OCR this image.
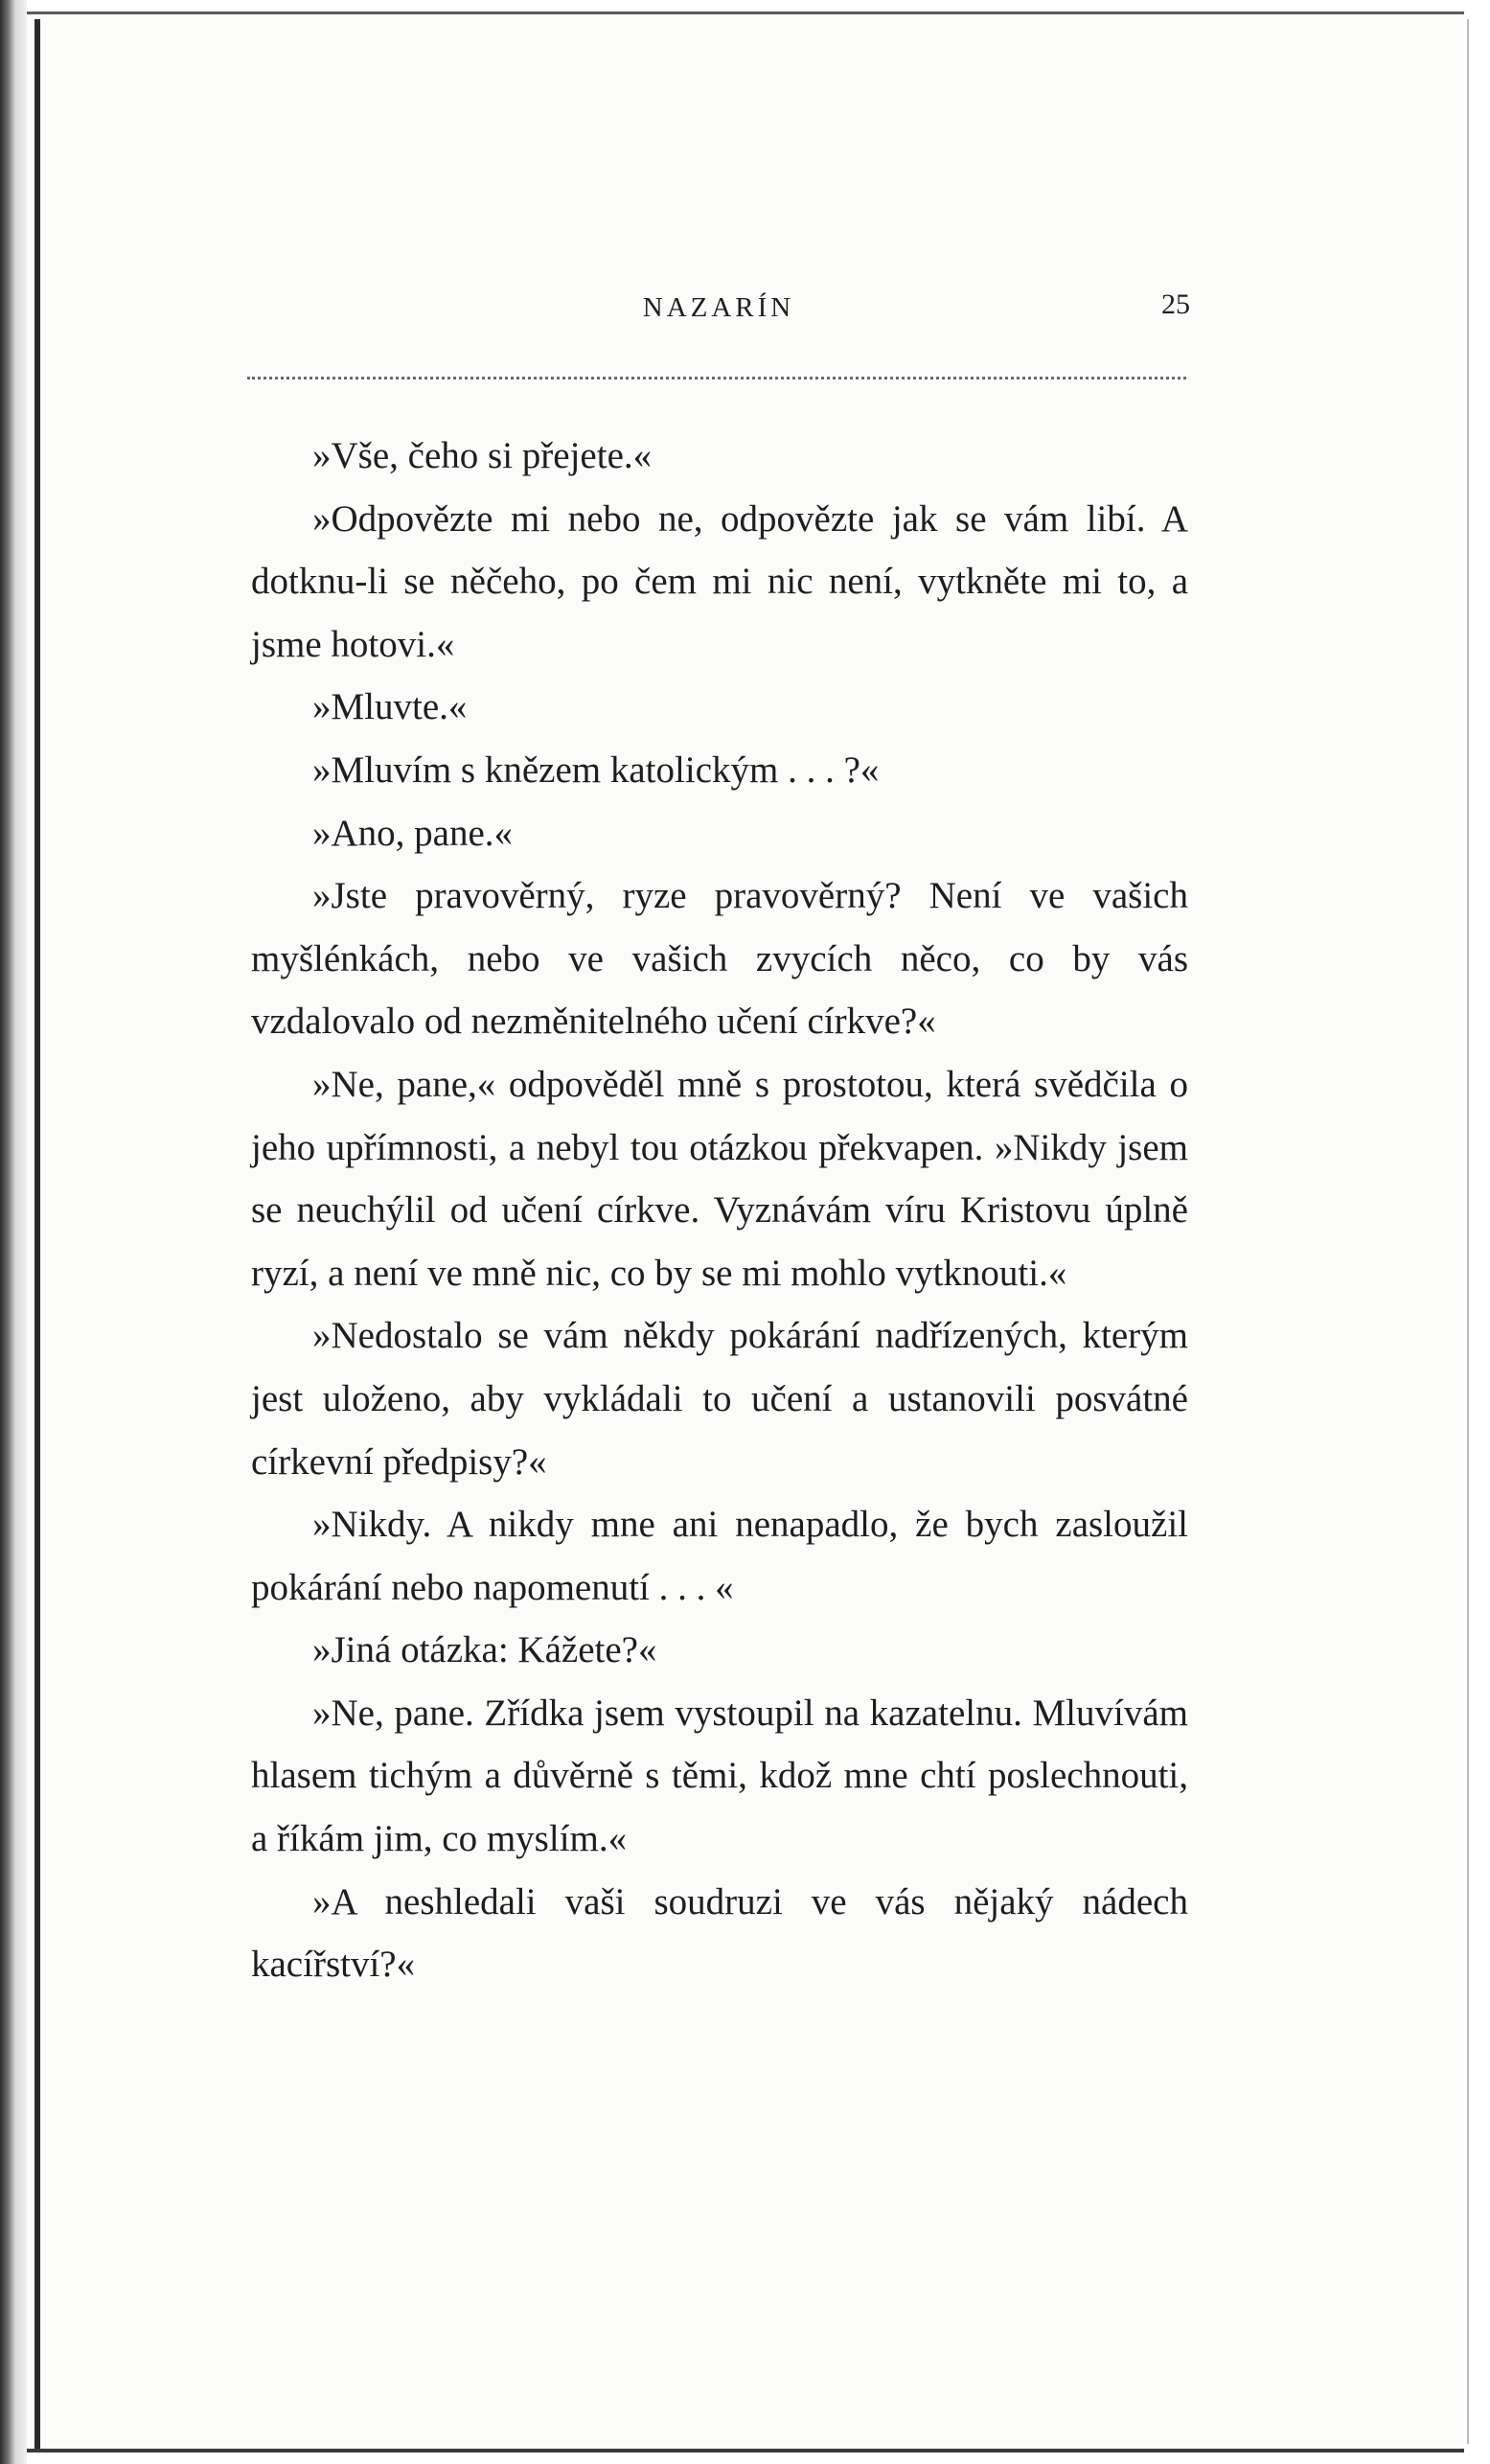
NAZARÍN	25

»Vše, čeho si přejete.«

»Odpovězte mi nebo ne, odpovězte jak se vám libí. A dotknu-li se něčeho, po čem mi nic není, vytkněte mi to, a jsme hotovi.«

»Mluvte.«

»Mluvím s knězem katolickým . . . ?«

»Ano, pane.«

»Jste pravověrný, ryze pravověrný? Není ve vašich myšlénkách, nebo ve vašich zvycích něco, co by vás vzdalovalo od nezměnitelného učení církve?«

»Ne, pane,« odpověděl mně s prostotou, která svědčila o jeho upřímnosti, a nebyl tou otázkou překvapen. »Nikdy jsem se neuchýlil od učení církve. Vyznávám víru Kristovu úplně ryzí, a není ve mně nic, co by se mi mohlo vytknouti.«

»Nedostalo se vám někdy pokárání nadřízených, kterým jest uloženo, aby vykládali to učení a ustanovili posvátné církevní předpisy?«

»Nikdy. A nikdy mne ani nenapadlo, že bych zasloužil pokárání nebo napomenutí . . . «

»Jiná otázka: Kážete?«

»Ne, pane. Zřídka jsem vystoupil na kazatelnu. Mluvívám hlasem tichým a důvěrně s těmi, kdož mne chtí poslechnouti, a říkám jim, co myslím.«

»A neshledali vaši soudruzi ve vás nějaký nádech kacířství?«
